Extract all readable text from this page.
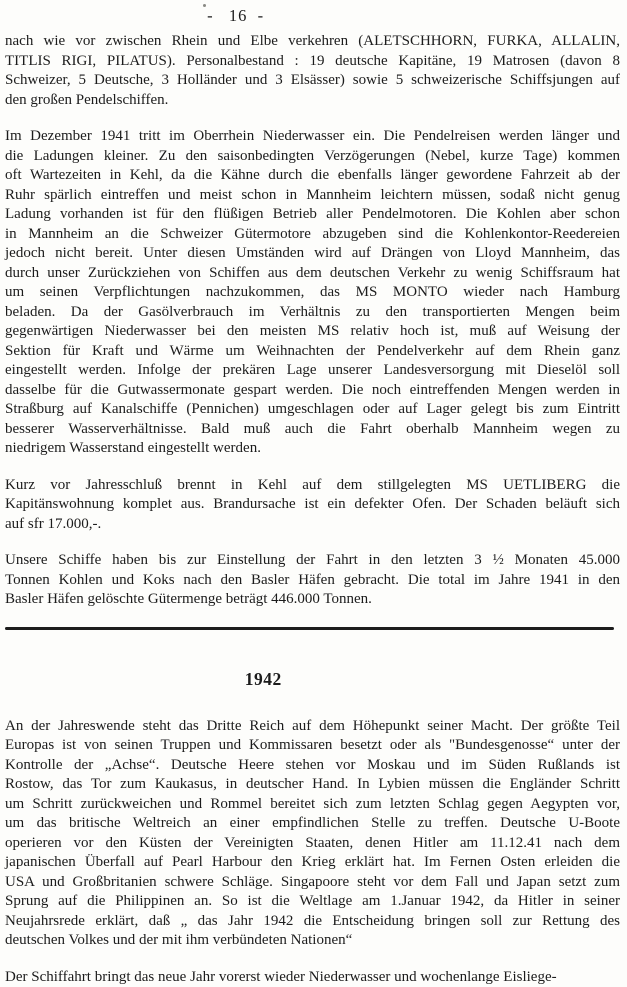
-   16  -
nach wie vor zwischen Rhein und Elbe verkehren (ALETSCHHORN, FURKA, ALLALIN,
TITLIS RIGI, PILATUS). Personalbestand : 19 deutsche Kapitäne, 19 Matrosen (davon 8
Schweizer, 5 Deutsche, 3 Holländer und 3 Elsässer) sowie 5 schweizerische Schiffsjungen auf
den großen Pendelschiffen.
Im Dezember 1941 tritt im Oberrhein Niederwasser ein. Die Pendelreisen werden länger und
die Ladungen kleiner. Zu den saisonbedingten Verzögerungen (Nebel, kurze Tage) kommen
oft Wartezeiten in Kehl, da die Kähne durch die ebenfalls länger gewordene Fahrzeit ab der
Ruhr spärlich eintreffen und meist schon in Mannheim leichtern müssen, sodaß nicht genug
Ladung vorhanden ist für den flüßigen Betrieb aller Pendelmotoren. Die Kohlen aber schon
in Mannheim an die Schweizer Gütermotore abzugeben sind die Kohlenkontor-Reedereien
jedoch nicht bereit. Unter diesen Umständen wird auf Drängen von Lloyd Mannheim, das
durch unser Zurückziehen von Schiffen aus dem deutschen Verkehr zu wenig Schiffsraum hat
um seinen Verpflichtungen nachzukommen, das MS MONTO wieder nach Hamburg
beladen. Da der Gasölverbrauch im Verhältnis zu den transportierten Mengen beim
gegenwärtigen Niederwasser bei den meisten MS relativ hoch ist, muß auf Weisung der
Sektion für Kraft und Wärme um Weihnachten der Pendelverkehr auf dem Rhein ganz
eingestellt werden. Infolge der prekären Lage unserer Landesversorgung mit Dieselöl soll
dasselbe für die Gutwassermonate gespart werden. Die noch eintreffenden Mengen werden in
Straßburg auf Kanalschiffe (Pennichen) umgeschlagen oder auf Lager gelegt bis zum Eintritt
besserer Wasserverhältnisse. Bald muß auch die Fahrt oberhalb Mannheim wegen zu
niedrigem Wasserstand eingestellt werden.
Kurz vor Jahresschluß brennt in Kehl auf dem stillgelegten MS UETLIBERG die
Kapitänswohnung komplet aus. Brandursache ist ein defekter Ofen. Der Schaden beläuft sich
auf sfr 17.000,-.
Unsere Schiffe haben bis zur Einstellung der Fahrt in den letzten 3 ½ Monaten 45.000
Tonnen Kohlen und Koks nach den Basler Häfen gebracht. Die total im Jahre 1941 in den
Basler Häfen gelöschte Gütermenge beträgt 446.000 Tonnen.
1942
An der Jahreswende steht das Dritte Reich auf dem Höhepunkt seiner Macht. Der größte Teil
Europas ist von seinen Truppen und Kommissaren besetzt oder als "Bundesgenosse“ unter der
Kontrolle der „Achse“. Deutsche Heere stehen vor Moskau und im Süden Rußlands ist
Rostow, das Tor zum Kaukasus, in deutscher Hand. In Lybien müssen die Engländer Schritt
um Schritt zurückweichen und Rommel bereitet sich zum letzten Schlag gegen Aegypten vor,
um das britische Weltreich an einer empfindlichen Stelle zu treffen. Deutsche U-Boote
operieren vor den Küsten der Vereinigten Staaten, denen Hitler am 11.12.41 nach dem
japanischen Überfall auf Pearl Harbour den Krieg erklärt hat. Im Fernen Osten erleiden die
USA und Großbritanien schwere Schläge. Singapoore steht vor dem Fall und Japan setzt zum
Sprung auf die Philippinen an. So ist die Weltlage am 1.Januar 1942, da Hitler in seiner
Neujahrsrede erklärt, daß „ das Jahr 1942 die Entscheidung bringen soll zur Rettung des
deutschen Volkes und der mit ihm verbündeten Nationen“
Der Schiffahrt bringt das neue Jahr vorerst wieder Niederwasser und wochenlange Eisliege-
